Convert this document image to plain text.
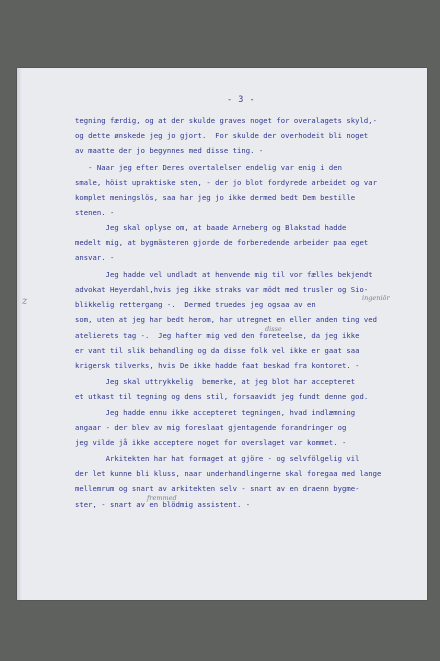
- 3 -
tegning færdig, og at der skulde graves noget for overalagets skyld,-
og dette ønskede jeg jo gjort.  For skulde der overhodeit bli noget
av maatte der jo begynnes med disse ting. -
- Naar jeg efter Deres overtalelser endelig var enig i den
smale, höist upraktiske sten, - der jo blot fordyrede arbeidet og var
komplet meningslös, saa har jeg jo ikke dermed bedt Dem bestille
stenen. -
Jeg skal oplyse om, at baade Arneberg og Blakstad hadde
medelt mig, at bygmästeren gjorde de forberedende arbeider paa eget
ansvar. -
Jeg hadde vel undladt at henvende mig til vor fælles bekjendt
advokat Heyerdahl,hvis jeg ikke straks var mödt med trusler og Sio-
blikkelig rettergang -.  Dermed truedes jeg ogsaa av en
som, uten at jeg har bedt herom, har utregnet en eller anden ting ved
atelierets tag -.  Jeg hafter mig ved den foreteelse, da jeg ikke
er vant til slik behandling og da disse folk vel ikke er gaat saa
krigersk tilverks, hvis De ikke hadde faat beskad fra kontoret. -
Jeg skal uttrykkelig  bemerke, at jeg blot har accepteret
et utkast til tegning og dens stil, forsaavidt jeg fundt denne god.
Jeg hadde ennu ikke accepteret tegningen, hvad indlæmning
angaar - der blev av mig foreslaat gjentagende forandringer og
jeg vilde jå ikke acceptere noget for overslaget var kommet. -
Arkitekten har hat formaget at gjöre - og selvfölgelig vil
der let kunne bli kluss, naar underhandlingerne skal foregaa med lange
mellemrum og snart av arkitekten selv - snart av en draenn bygme-
ster, - snart av en blödmig assistent. -
ingeniör
disse
fremmed
z
